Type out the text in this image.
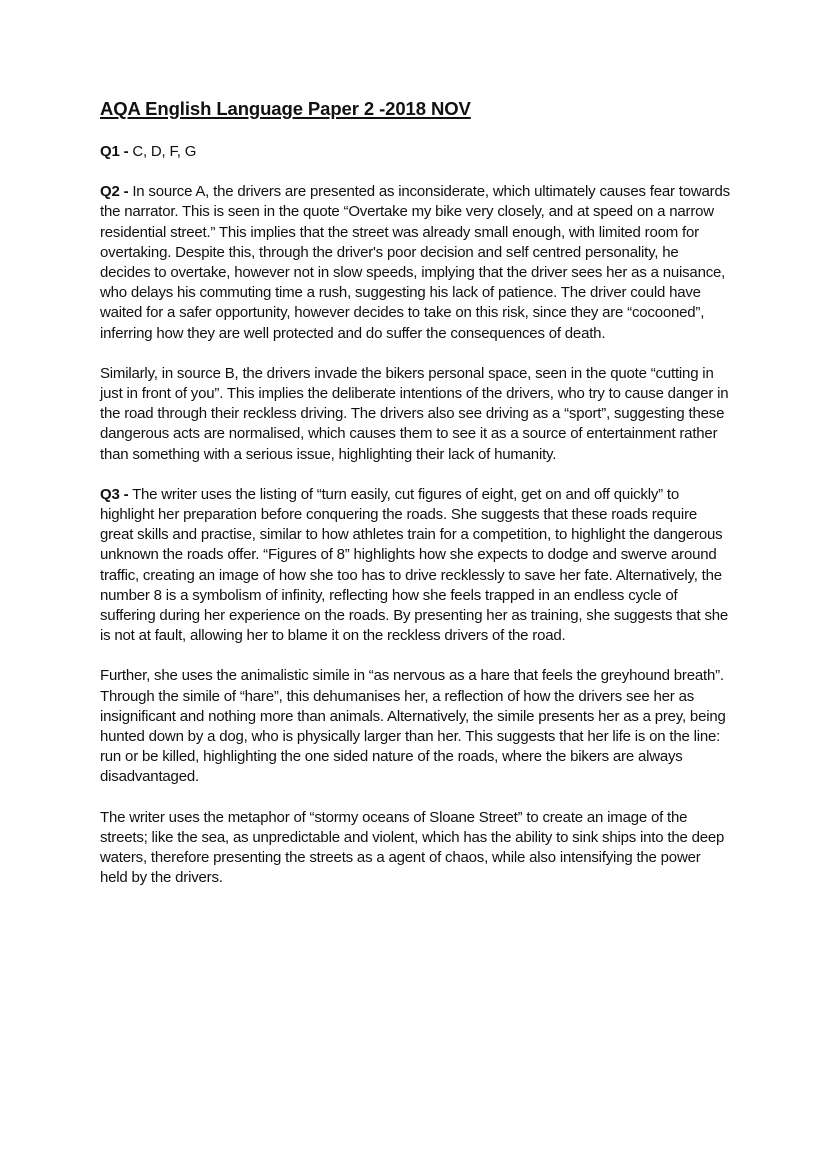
AQA English Language Paper 2 -2018 NOV

Q1 - C, D, F, G

Q2 - In source A, the drivers are presented as inconsiderate, which ultimately causes fear towards the narrator. This is seen in the quote “Overtake my bike very closely, and at speed on a narrow residential street.” This implies that the street was already small enough, with limited room for overtaking. Despite this, through the driver's poor decision and self centred personality, he decides to overtake, however not in slow speeds, implying that the driver sees her as a nuisance, who delays his commuting time a rush, suggesting his lack of patience. The driver could have waited for a safer opportunity, however decides to take on this risk, since they are “cocooned”, inferring how they are well protected and do suffer the consequences of death.

Similarly, in source B, the drivers invade the bikers personal space, seen in the quote “cutting in just in front of you”. This implies the deliberate intentions of the drivers, who try to cause danger in the road through their reckless driving. The drivers also see driving as a “sport”, suggesting these dangerous acts are normalised, which causes them to see it as a source of entertainment rather than something with a serious issue, highlighting their lack of humanity.

Q3 - The writer uses the listing of “turn easily, cut figures of eight, get on and off quickly” to highlight her preparation before conquering the roads. She suggests that these roads require great skills and practise, similar to how athletes train for a competition, to highlight the dangerous unknown the roads offer. “Figures of 8” highlights how she expects to dodge and swerve around traffic, creating an image of how she too has to drive recklessly to save her fate. Alternatively, the number 8 is a symbolism of infinity, reflecting how she feels trapped in an endless cycle of suffering during her experience on the roads. By presenting her as training, she suggests that she is not at fault, allowing her to blame it on the reckless drivers of the road.

Further, she uses the animalistic simile in “as nervous as a hare that feels the greyhound breath”. Through the simile of “hare”, this dehumanises her, a reflection of how the drivers see her as insignificant and nothing more than animals. Alternatively, the simile presents her as a prey, being hunted down by a dog, who is physically larger than her. This suggests that her life is on the line: run or be killed, highlighting the one sided nature of the roads, where the bikers are always disadvantaged.

The writer uses the metaphor of “stormy oceans of Sloane Street” to create an image of the streets; like the sea, as unpredictable and violent, which has the ability to sink ships into the deep waters, therefore presenting the streets as a agent of chaos, while also intensifying the power held by the drivers.
